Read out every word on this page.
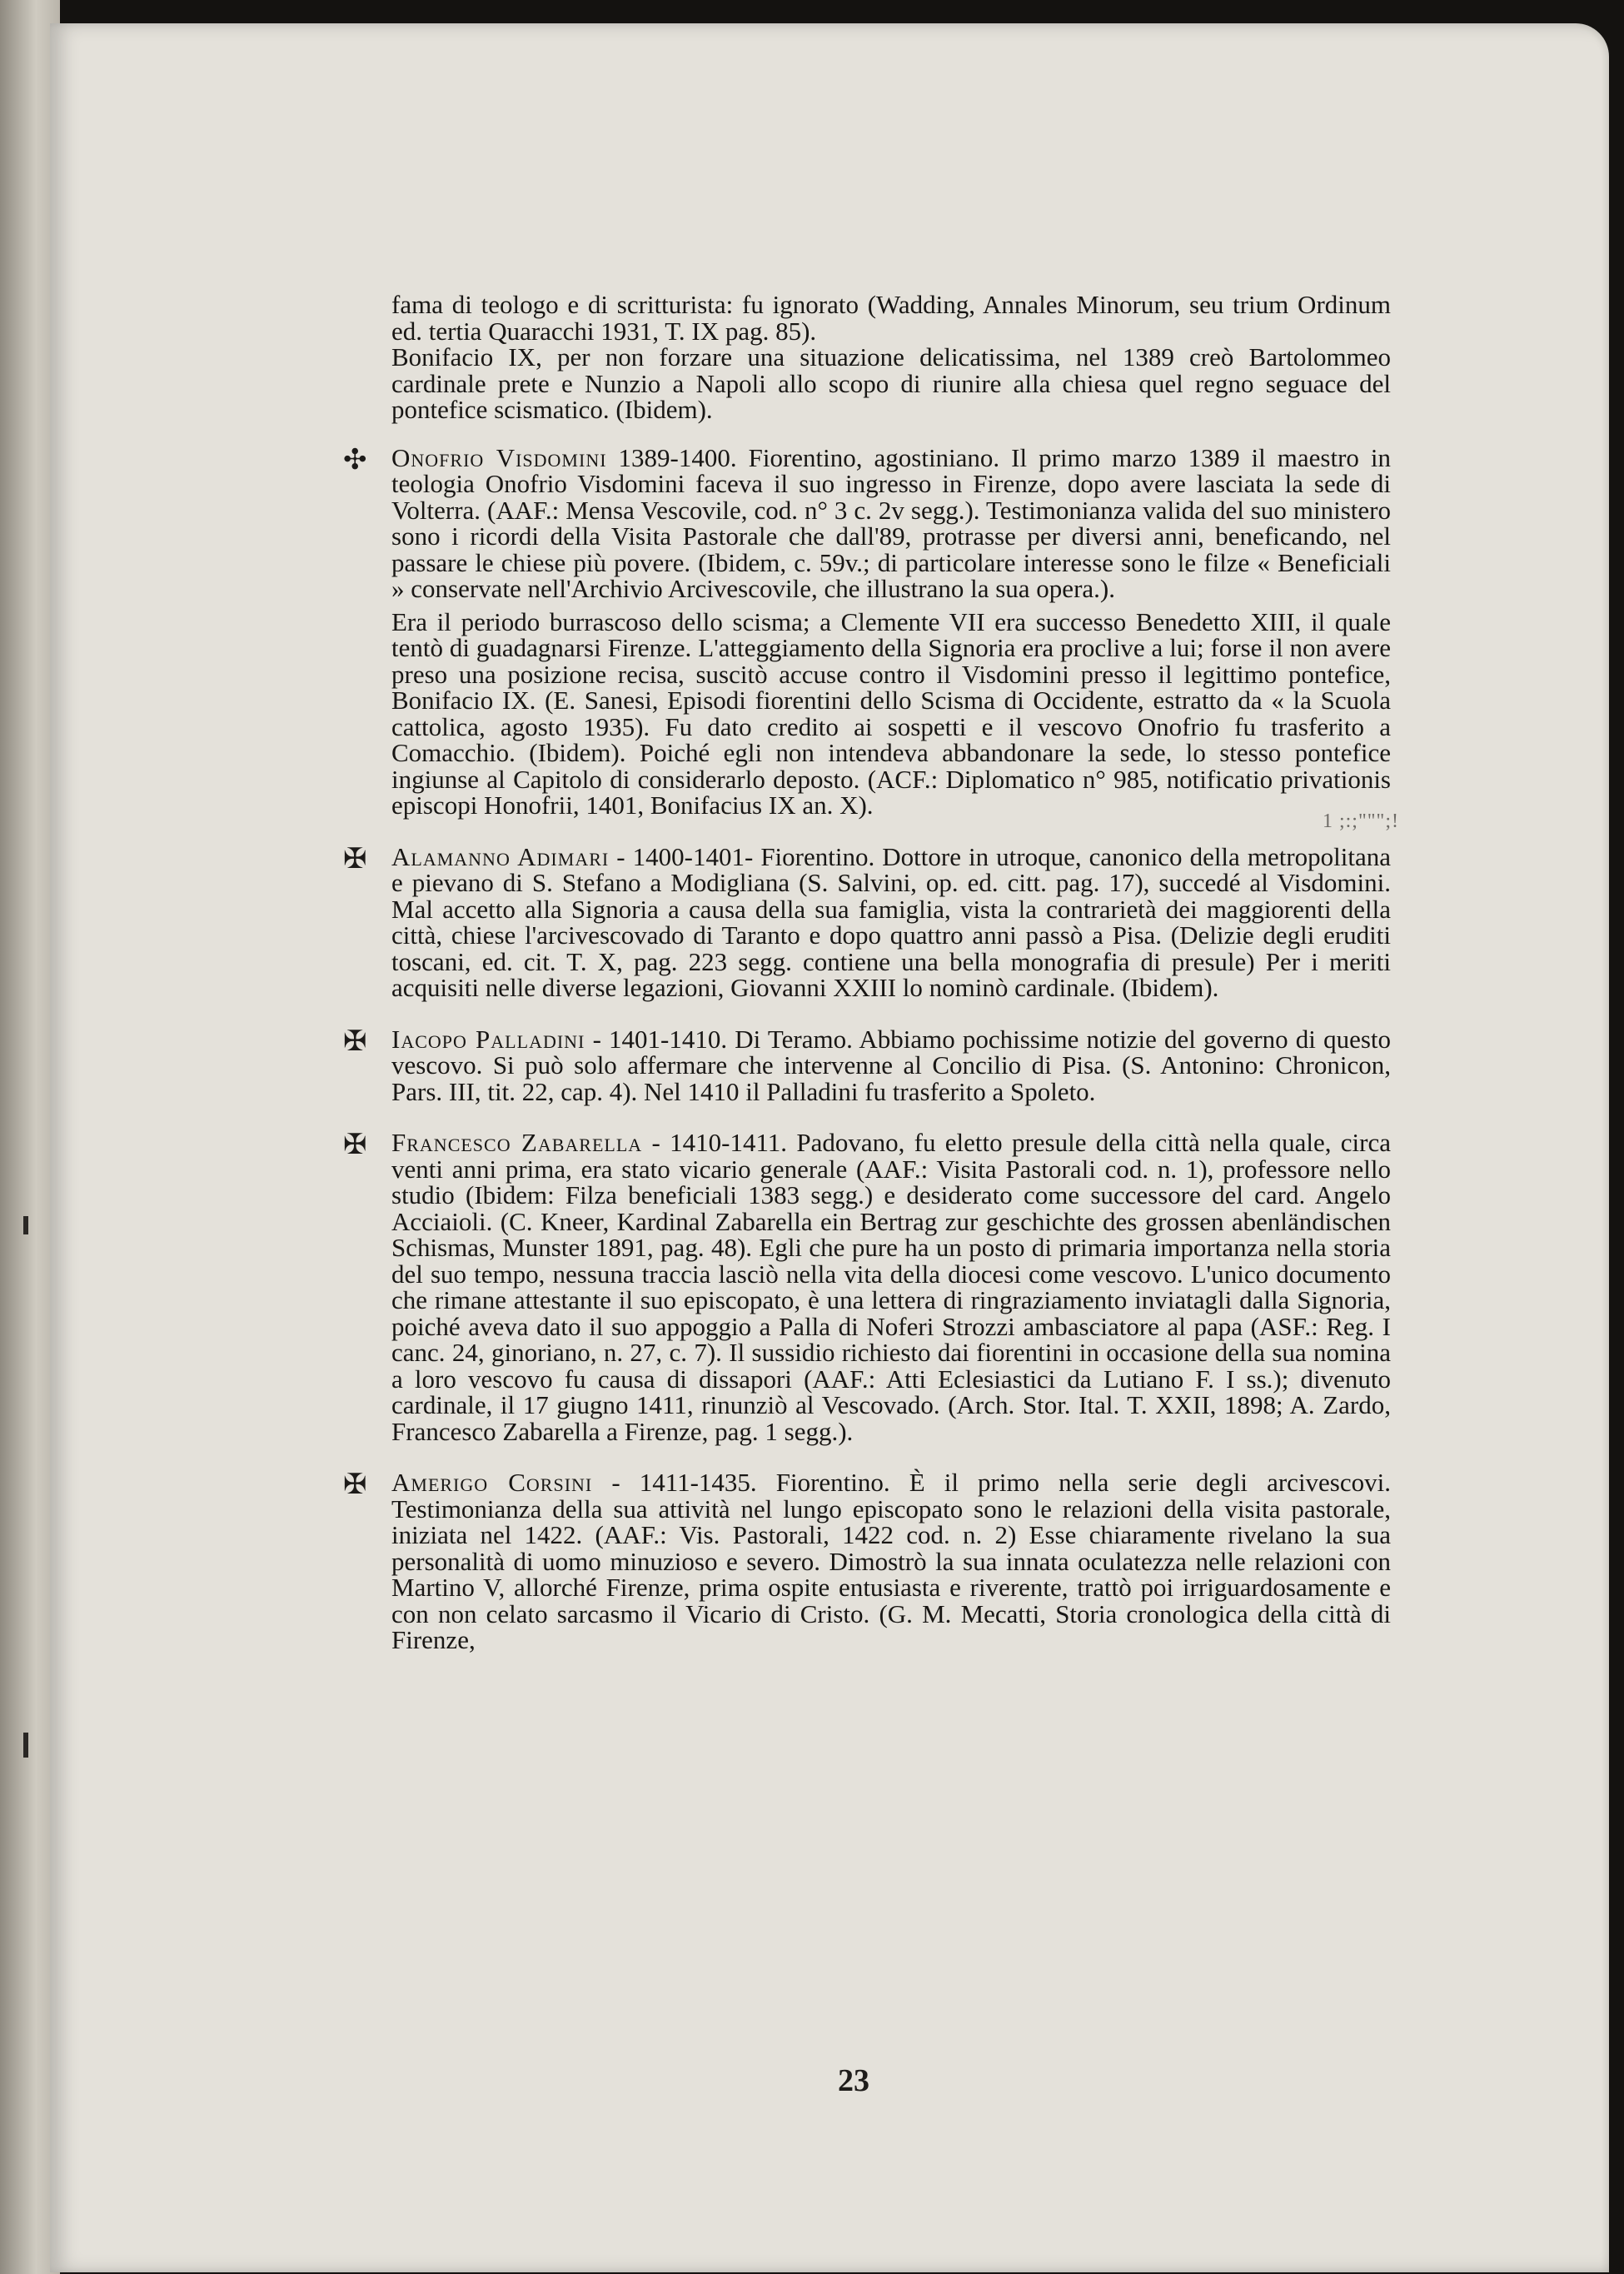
fama di teologo e di scritturista: fu ignorato (Wadding, Annales Minorum, seu trium Ordinum ed. tertia Quaracchi 1931, T. IX pag. 85).

Bonifacio IX, per non forzare una situazione delicatissima, nel 1389 creò Bartolommeo cardinale prete e Nunzio a Napoli allo scopo di riunire alla chiesa quel regno seguace del pontefice scismatico. (Ibidem).

✣ Onofrio Visdomini 1389-1400. Fiorentino, agostiniano. Il primo marzo 1389 il maestro in teologia Onofrio Visdomini faceva il suo ingresso in Firenze, dopo avere lasciata la sede di Volterra. (AAF.: Mensa Vescovile, cod. n° 3 c. 2v segg.). Testimonianza valida del suo ministero sono i ricordi della Visita Pastorale che dall'89, protrasse per diversi anni, beneficando, nel passare le chiese più povere. (Ibidem, c. 59v.; di particolare interesse sono le filze « Beneficiali » conservate nell'Archivio Arcivescovile, che illustrano la sua opera.).

Era il periodo burrascoso dello scisma; a Clemente VII era successo Benedetto XIII, il quale tentò di guadagnarsi Firenze. L'atteggiamento della Signoria era proclive a lui; forse il non avere preso una posizione recisa, suscitò accuse contro il Visdomini presso il legittimo pontefice, Bonifacio IX. (E. Sanesi, Episodi fiorentini dello Scisma di Occidente, estratto da « la Scuola cattolica, agosto 1935). Fu dato credito ai sospetti e il vescovo Onofrio fu trasferito a Comacchio. (Ibidem). Poiché egli non intendeva abbandonare la sede, lo stesso pontefice ingiunse al Capitolo di considerarlo deposto. (ACF.: Diplomatico n° 985, notificatio privationis episcopi Honofrii, 1401, Bonifacius IX an. X).

1 ;:;""";!
✠ Alamanno Adimari - 1400-1401- Fiorentino. Dottore in utroque, canonico della metropolitana e pievano di S. Stefano a Modigliana (S. Salvini, op. ed. citt. pag. 17), succedé al Visdomini. Mal accetto alla Signoria a causa della sua famiglia, vista la contrarietà dei maggiorenti della città, chiese l'arcivescovado di Taranto e dopo quattro anni passò a Pisa. (Delizie degli eruditi toscani, ed. cit. T. X, pag. 223 segg. contiene una bella monografia di presule) Per i meriti acquisiti nelle diverse legazioni, Giovanni XXIII lo nominò cardinale. (Ibidem).

✠ Iacopo Palladini - 1401-1410. Di Teramo. Abbiamo pochissime notizie del governo di questo vescovo. Si può solo affermare che intervenne al Concilio di Pisa. (S. Antonino: Chronicon, Pars. III, tit. 22, cap. 4). Nel 1410 il Palladini fu trasferito a Spoleto.

✠ Francesco Zabarella - 1410-1411. Padovano, fu eletto presule della città nella quale, circa venti anni prima, era stato vicario generale (AAF.: Visita Pastorali cod. n. 1), professore nello studio (Ibidem: Filza beneficiali 1383 segg.) e desiderato come successore del card. Angelo Acciaioli. (C. Kneer, Kardinal Zabarella ein Bertrag zur geschichte des grossen abenländischen Schismas, Munster 1891, pag. 48). Egli che pure ha un posto di primaria importanza nella storia del suo tempo, nessuna traccia lasciò nella vita della diocesi come vescovo. L'unico documento che rimane attestante il suo episcopato, è una lettera di ringraziamento inviatagli dalla Signoria, poiché aveva dato il suo appoggio a Palla di Noferi Strozzi ambasciatore al papa (ASF.: Reg. I canc. 24, ginoriano, n. 27, c. 7). Il sussidio richiesto dai fiorentini in occasione della sua nomina a loro vescovo fu causa di dissapori (AAF.: Atti Eclesiastici da Lutiano F. I ss.); divenuto cardinale, il 17 giugno 1411, rinunziò al Vescovado. (Arch. Stor. Ital. T. XXII, 1898; A. Zardo, Francesco Zabarella a Firenze, pag. 1 segg.).

✠ Amerigo Corsini - 1411-1435. Fiorentino. È il primo nella serie degli arcivescovi. Testimonianza della sua attività nel lungo episcopato sono le relazioni della visita pastorale, iniziata nel 1422. (AAF.: Vis. Pastorali, 1422 cod. n. 2) Esse chiaramente rivelano la sua personalità di uomo minuzioso e severo. Dimostrò la sua innata oculatezza nelle relazioni con Martino V, allorché Firenze, prima ospite entusiasta e riverente, trattò poi irriguardosamente e con non celato sarcasmo il Vicario di Cristo. (G. M. Mecatti, Storia cronologica della città di Firenze,

23
